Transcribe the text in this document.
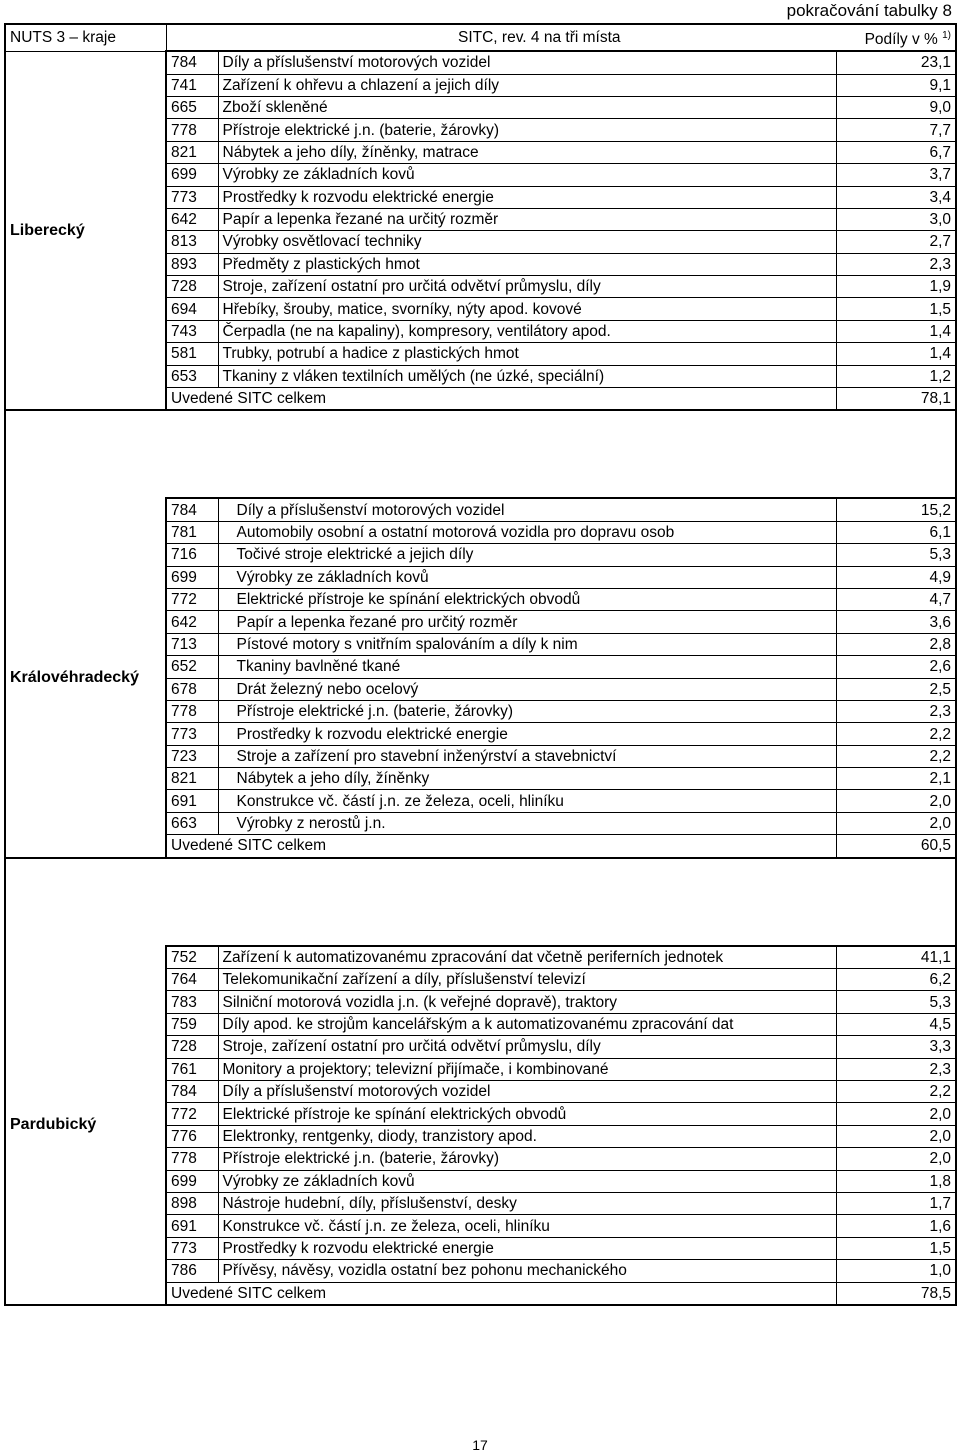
pokračování tabulky 8
NUTS 3 – kraje	SITC, rev. 4 na tři místa		Podíly v % $^{1)}$
Liberecký	784	Díly a příslušenství motorových vozidel	23,1
	741	Zařízení k ohřevu a chlazení a jejich díly	9,1
	665	Zboží skleněné	9,0
	778	Přístroje elektrické j.n. (baterie, žárovky)	7,7
	821	Nábytek a jeho díly, žíněnky, matrace	6,7
	699	Výrobky ze základních kovů	3,7
	773	Prostředky k rozvodu elektrické energie	3,4
	642	Papír a lepenka řezané na určitý rozměr	3,0
	813	Výrobky osvětlovací techniky	2,7
	893	Předměty z plastických hmot	2,3
	728	Stroje, zařízení ostatní pro určitá odvětví průmyslu, díly	1,9
	694	Hřebíky, šrouby, matice, svorníky, nýty apod. kovové	1,5
	743	Čerpadla (ne na kapaliny), kompresory, ventilátory apod.	1,4
	581	Trubky, potrubí a hadice z plastických hmot	1,4
	653	Tkaniny z vláken textilních umělých (ne úzké, speciální)	1,2
	Uvedené SITC celkem		78,1

Královéhradecký	784	Díly a příslušenství motorových vozidel	15,2
	781	Automobily osobní a ostatní motorová vozidla pro dopravu osob	6,1
	716	Točivé stroje elektrické a jejich díly	5,3
	699	Výrobky ze základních kovů	4,9
	772	Elektrické přístroje ke spínání elektrických obvodů	4,7
	642	Papír a lepenka řezané pro určitý rozměr	3,6
	713	Pístové motory s vnitřním spalováním a díly k nim	2,8
	652	Tkaniny bavlněné tkané	2,6
	678	Drát železný nebo ocelový	2,5
	778	Přístroje elektrické j.n. (baterie, žárovky)	2,3
	773	Prostředky k rozvodu elektrické energie	2,2
	723	Stroje a zařízení pro stavební inženýrství a stavebnictví	2,2
	821	Nábytek a jeho díly, žíněnky	2,1
	691	Konstrukce vč. částí j.n. ze železa, oceli, hliníku	2,0
	663	Výrobky z nerostů j.n.	2,0
	Uvedené SITC celkem		60,5

Pardubický	752	Zařízení k automatizovanému zpracování dat včetně periferních jednotek	41,1
	764	Telekomunikační zařízení a díly, příslušenství televizí	6,2
	783	Silniční motorová vozidla j.n. (k veřejné dopravě), traktory	5,3
	759	Díly apod. ke strojům kancelářským a k automatizovanému zpracování dat	4,5
	728	Stroje, zařízení ostatní pro určitá odvětví průmyslu, díly	3,3
	761	Monitory a projektory; televizní přijímače, i kombinované	2,3
	784	Díly a příslušenství motorových vozidel	2,2
	772	Elektrické přístroje ke spínání elektrických obvodů	2,0
	776	Elektronky, rentgenky, diody, tranzistory apod.	2,0
	778	Přístroje elektrické j.n. (baterie, žárovky)	2,0
	699	Výrobky ze základních kovů	1,8
	898	Nástroje hudební, díly, příslušenství, desky	1,7
	691	Konstrukce vč. částí j.n. ze železa, oceli, hliníku	1,6
	773	Prostředky k rozvodu elektrické energie	1,5
	786	Přívěsy, návěsy, vozidla ostatní bez pohonu mechanického	1,0
	Uvedené SITC celkem		78,5
17
